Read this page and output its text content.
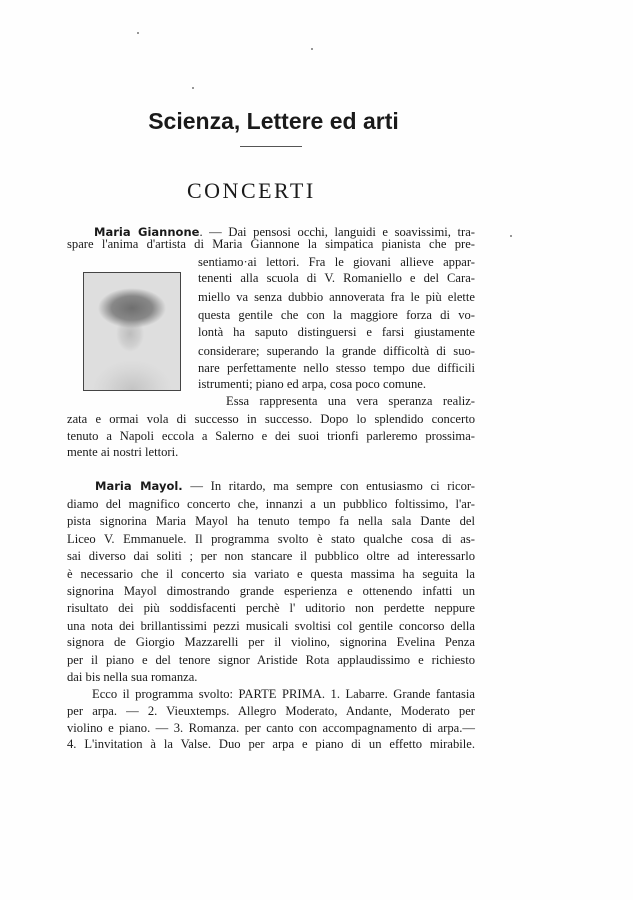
Scienza, Lettere ed arti
CONCERTI
Maria Giannone. — Dai pensosi occhi, languidi e soavissimi, tra-
spare l'anima d'artista di Maria Giannone la simpatica pianista che pre-
sentiamo·ai lettori. Fra le giovani allieve appar-
tenenti alla scuola di V. Romaniello e del Cara-
miello va senza dubbio annoverata fra le più elette
questa gentile che con la maggiore forza di vo-
lontà ha saputo distinguersi e farsi giustamente
considerare; superando la grande difficoltà di suo-
nare perfettamente nello stesso tempo due difficili
istrumenti; piano ed arpa, cosa poco comune.
Essa rappresenta una vera speranza realiz-
zata e ormai vola di successo in successo. Dopo lo splendido concerto
tenuto a Napoli eccola a Salerno e dei suoi trionfi parleremo prossima-
mente ai nostri lettori.
Maria Mayol. — In ritardo, ma sempre con entusiasmo ci ricor-
diamo del magnifico concerto che, innanzi a un pubblico foltissimo, l'ar-
pista signorina Maria Mayol ha tenuto tempo fa nella sala Dante del
Liceo V. Emmanuele. Il programma svolto è stato qualche cosa di as-
sai diverso dai soliti ; per non stancare il pubblico oltre ad interessarlo
è necessario che il concerto sia variato e questa massima ha seguita la
signorina Mayol dimostrando grande esperienza e ottenendo infatti un
risultato dei più soddisfacenti perchè l' uditorio non perdette neppure
una nota dei brillantissimi pezzi musicali svoltisi col gentile concorso della
signora de Giorgio Mazzarelli per il violino, signorina Evelina Penza
per il piano e del tenore signor Aristide Rota applaudissimo e richiesto
dai bis nella sua romanza.
Ecco il programma svolto: PARTE PRIMA. 1. Labarre. Grande fantasia
per arpa. — 2. Vieuxtemps. Allegro Moderato, Andante, Moderato per
violino e piano. — 3. Romanza. per canto con accompagnamento di arpa.—
4. L'invitation à la Valse. Duo per arpa e piano di un effetto mirabile.
